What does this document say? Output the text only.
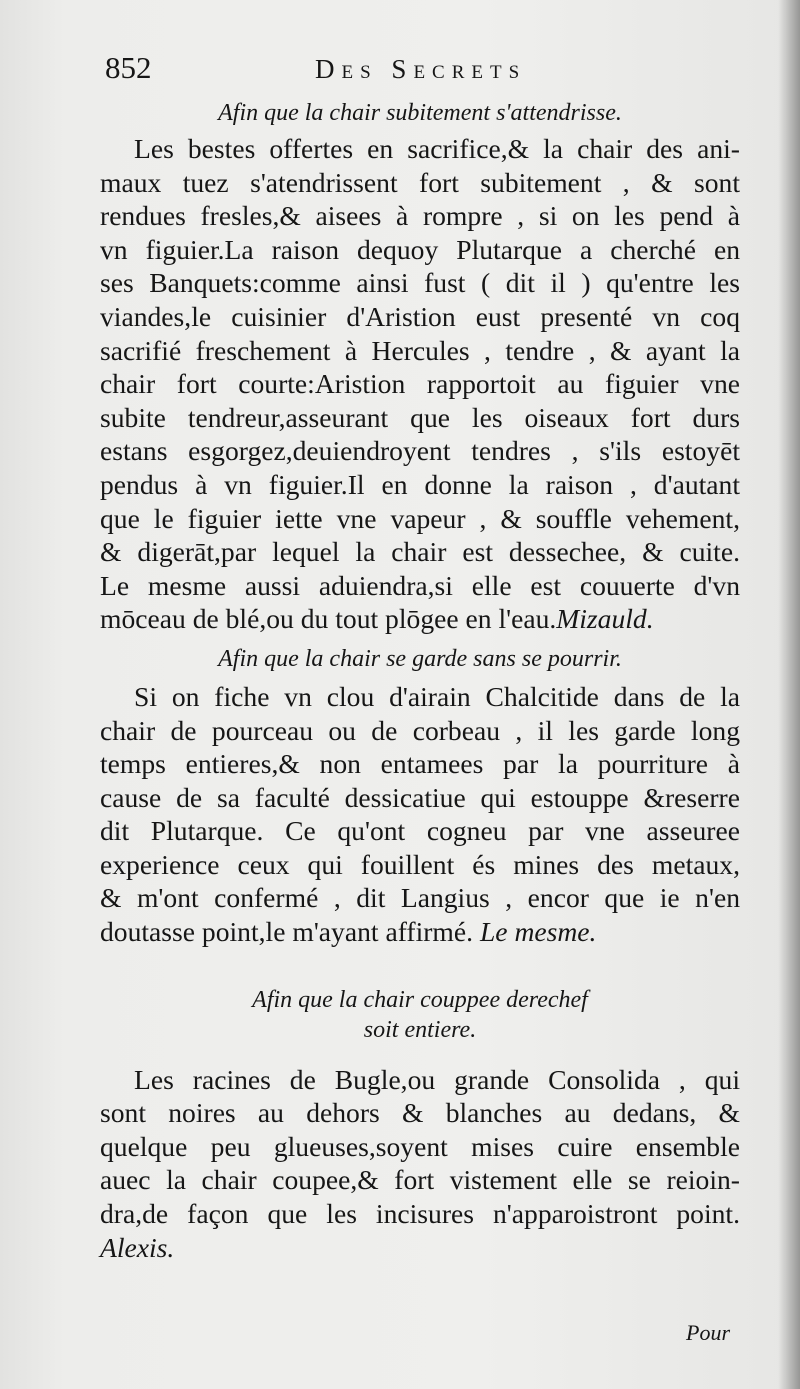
852	Des Secrets
Afin que la chair subitement s'attendrisse.
Les bestes offertes en sacrifice,& la chair des ani-
maux tuez s'atendrissent fort subitement , & sont
rendues fresles,& aisees à rompre , si on les pend à
vn figuier.La raison dequoy Plutarque a cherché en
ses Banquets:comme ainsi fust ( dit il ) qu'entre les
viandes,le cuisinier d'Aristion eust presenté vn coq
sacrifié freschement à Hercules , tendre , & ayant la
chair fort courte:Aristion rapportoit au figuier vne
subite tendreur,asseurant que les oiseaux fort durs
estans esgorgez,deuiendroyent tendres , s'ils estoyēt
pendus à vn figuier.Il en donne la raison , d'autant
que le figuier iette vne vapeur , & souffle vehement,
& digerāt,par lequel la chair est dessechee, & cuite.
Le mesme aussi aduiendra,si elle est couuerte d'vn
mōceau de blé,ou du tout plōgee en l'eau.Mizauld.
Afin que la chair se garde sans se pourrir.
Si on fiche vn clou d'airain Chalcitide dans de la
chair de pourceau ou de corbeau , il les garde long
temps entieres,& non entamees par la pourriture à
cause de sa faculté dessicatiue qui estouppe &reserre
dit Plutarque. Ce qu'ont cogneu par vne asseuree
experience ceux qui fouillent és mines des metaux,
& m'ont confermé , dit Langius , encor que ie n'en
doutasse point,le m'ayant affirmé. Le mesme.
Afin que la chair couppee derechef
soit entiere.
Les racines de Bugle,ou grande Consolida , qui
sont noires au dehors & blanches au dedans, &
quelque peu glueuses,soyent mises cuire ensemble
auec la chair coupee,& fort vistement elle se reioin-
dra,de façon que les incisures n'apparoistront point.
Alexis.
Pour
